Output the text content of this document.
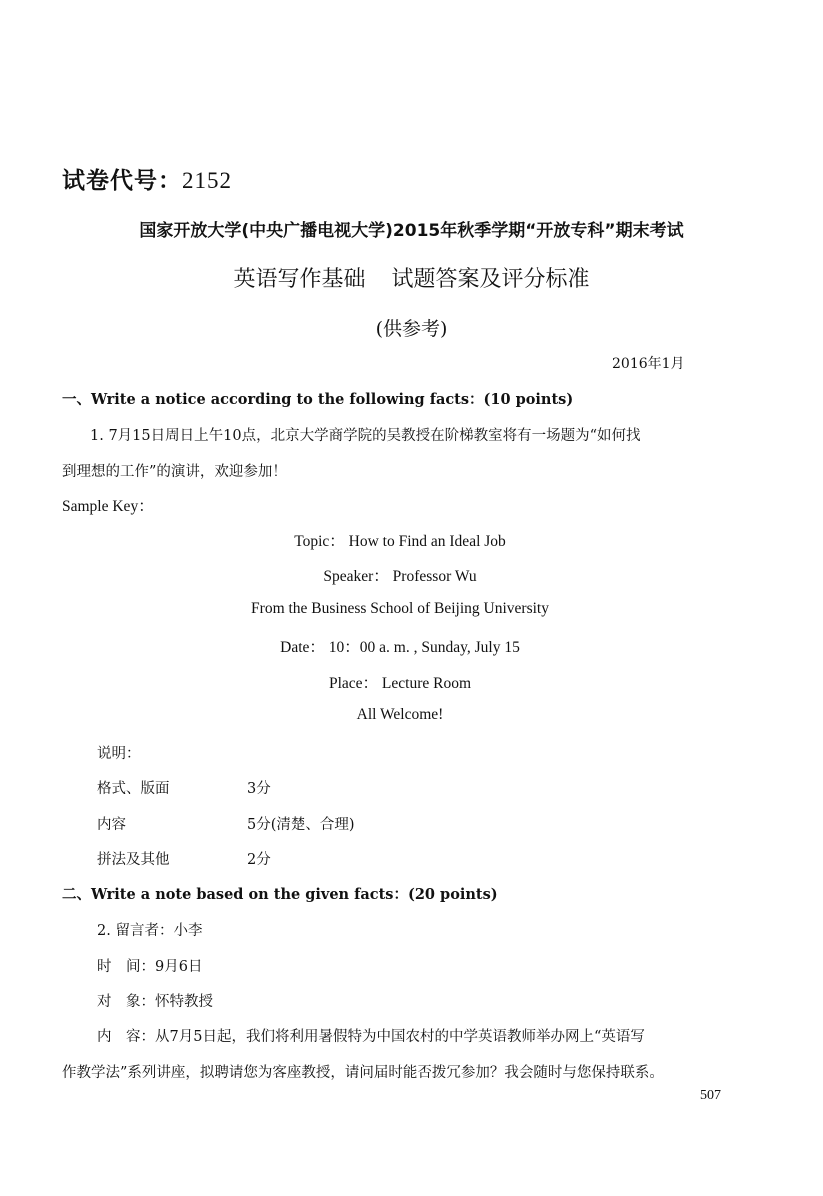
试卷代号：2152
国家开放大学(中央广播电视大学)2015年秋季学期“开放专科”期末考试
英语写作基础 试题答案及评分标准
(供参考)
2016年1月
一、Write a notice according to the following facts：(10 points)
1. 7月15日周日上午10点，北京大学商学院的吴教授在阶梯教室将有一场题为“如何找
到理想的工作”的演讲，欢迎参加！
Sample Key：
Topic： How to Find an Ideal Job
Speaker： Professor Wu
From the Business School of Beijing University
Date： 10：00 a. m. , Sunday, July 15
Place： Lecture Room
All Welcome!
说明：
格式、版面	3分
内容	5分(清楚、合理)
拼法及其他	2分
二、Write a note based on the given facts：(20 points)
2. 留言者：小李
时　间：9月6日
对　象：怀特教授
内　容：从7月5日起，我们将利用暑假特为中国农村的中学英语教师举办网上“英语写
作教学法”系列讲座，拟聘请您为客座教授，请问届时能否拨冗参加？我会随时与您保持联系。
507
